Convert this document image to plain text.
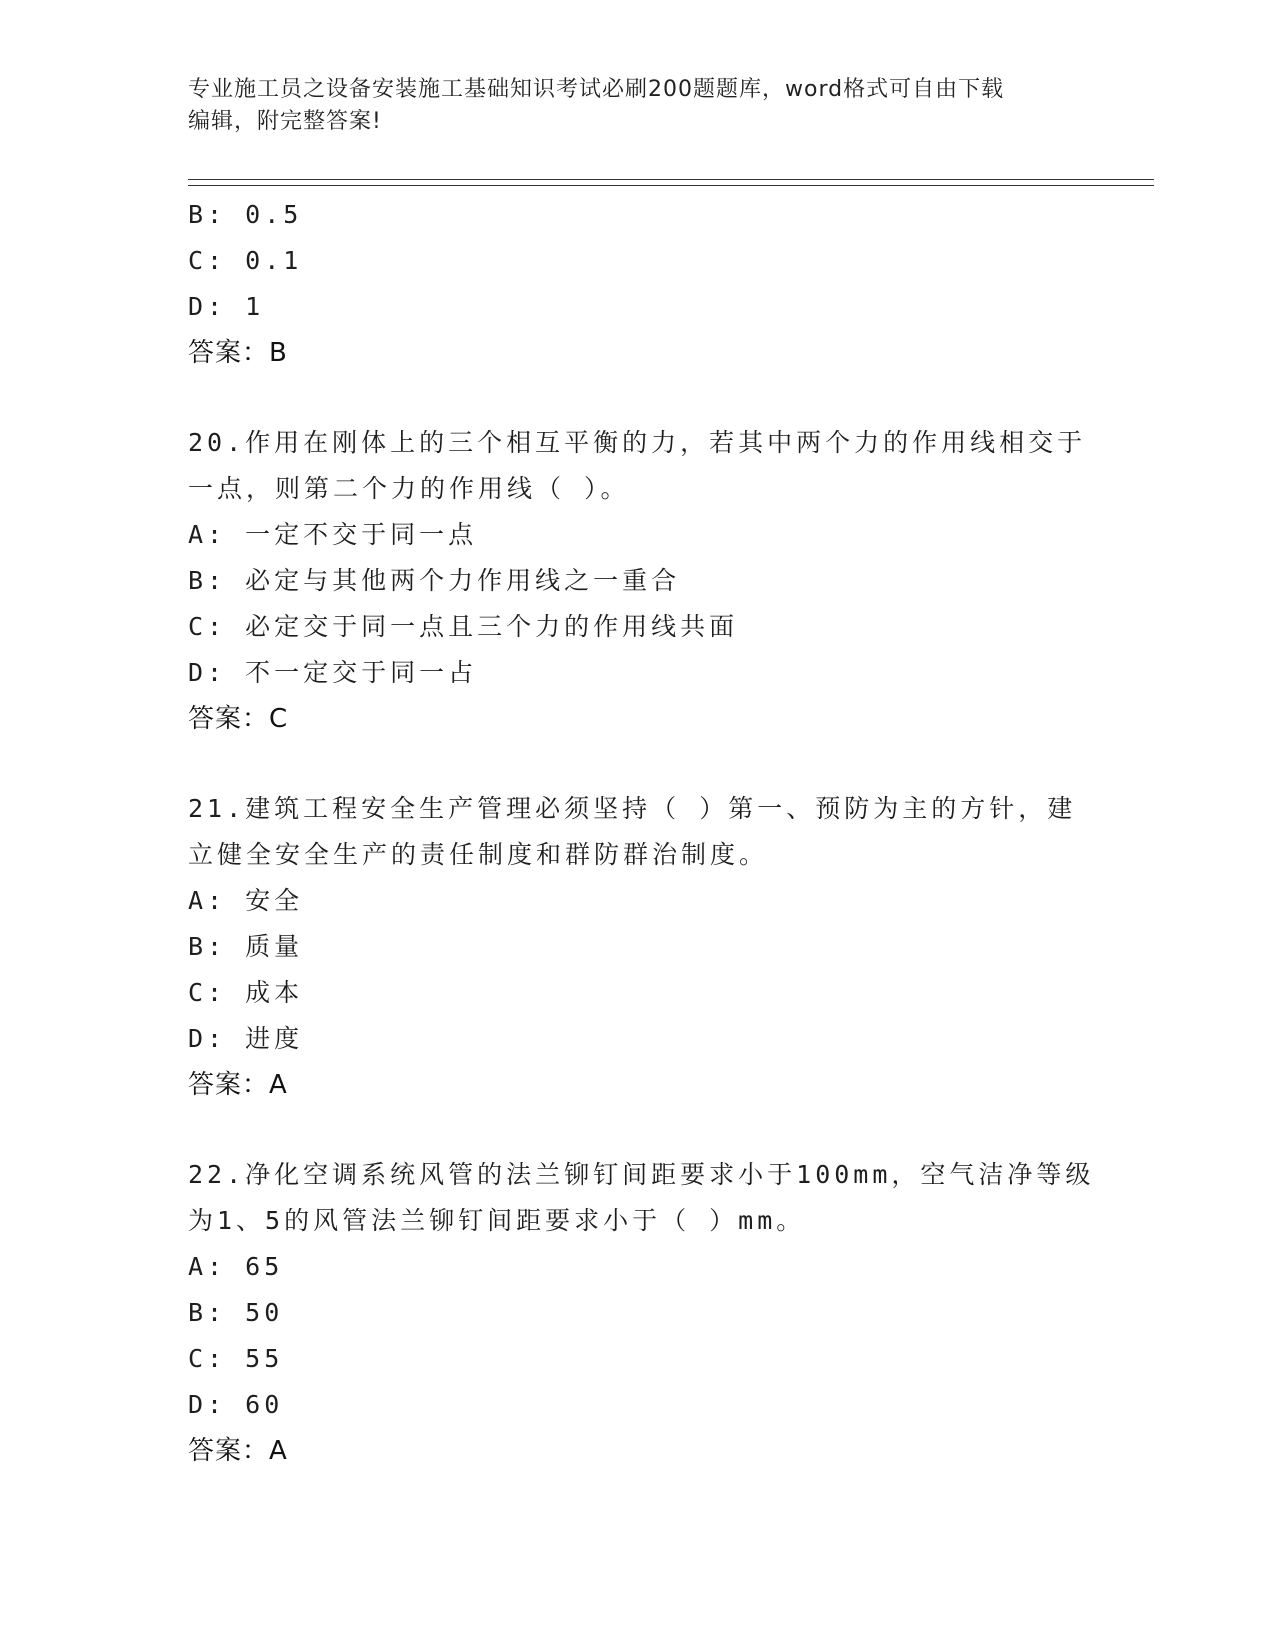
专业施工员之设备安装施工基础知识考试必刷200题题库，word格式可自由下载
编辑，附完整答案!
B: 0.5
C: 0.1
D: 1
答案：B
20.作用在刚体上的三个相互平衡的力，若其中两个力的作用线相交于
一点，则第二个力的作用线（ ）。
A: 一定不交于同一点
B: 必定与其他两个力作用线之一重合
C: 必定交于同一点且三个力的作用线共面
D: 不一定交于同一占
答案：C
21.建筑工程安全生产管理必须坚持（ ）第一、预防为主的方针，建
立健全安全生产的责任制度和群防群治制度。
A: 安全
B: 质量
C: 成本
D: 进度
答案：A
22.净化空调系统风管的法兰铆钉间距要求小于100mm，空气洁净等级
为1、5的风管法兰铆钉间距要求小于（ ）mm。
A: 65
B: 50
C: 55
D: 60
答案：A
